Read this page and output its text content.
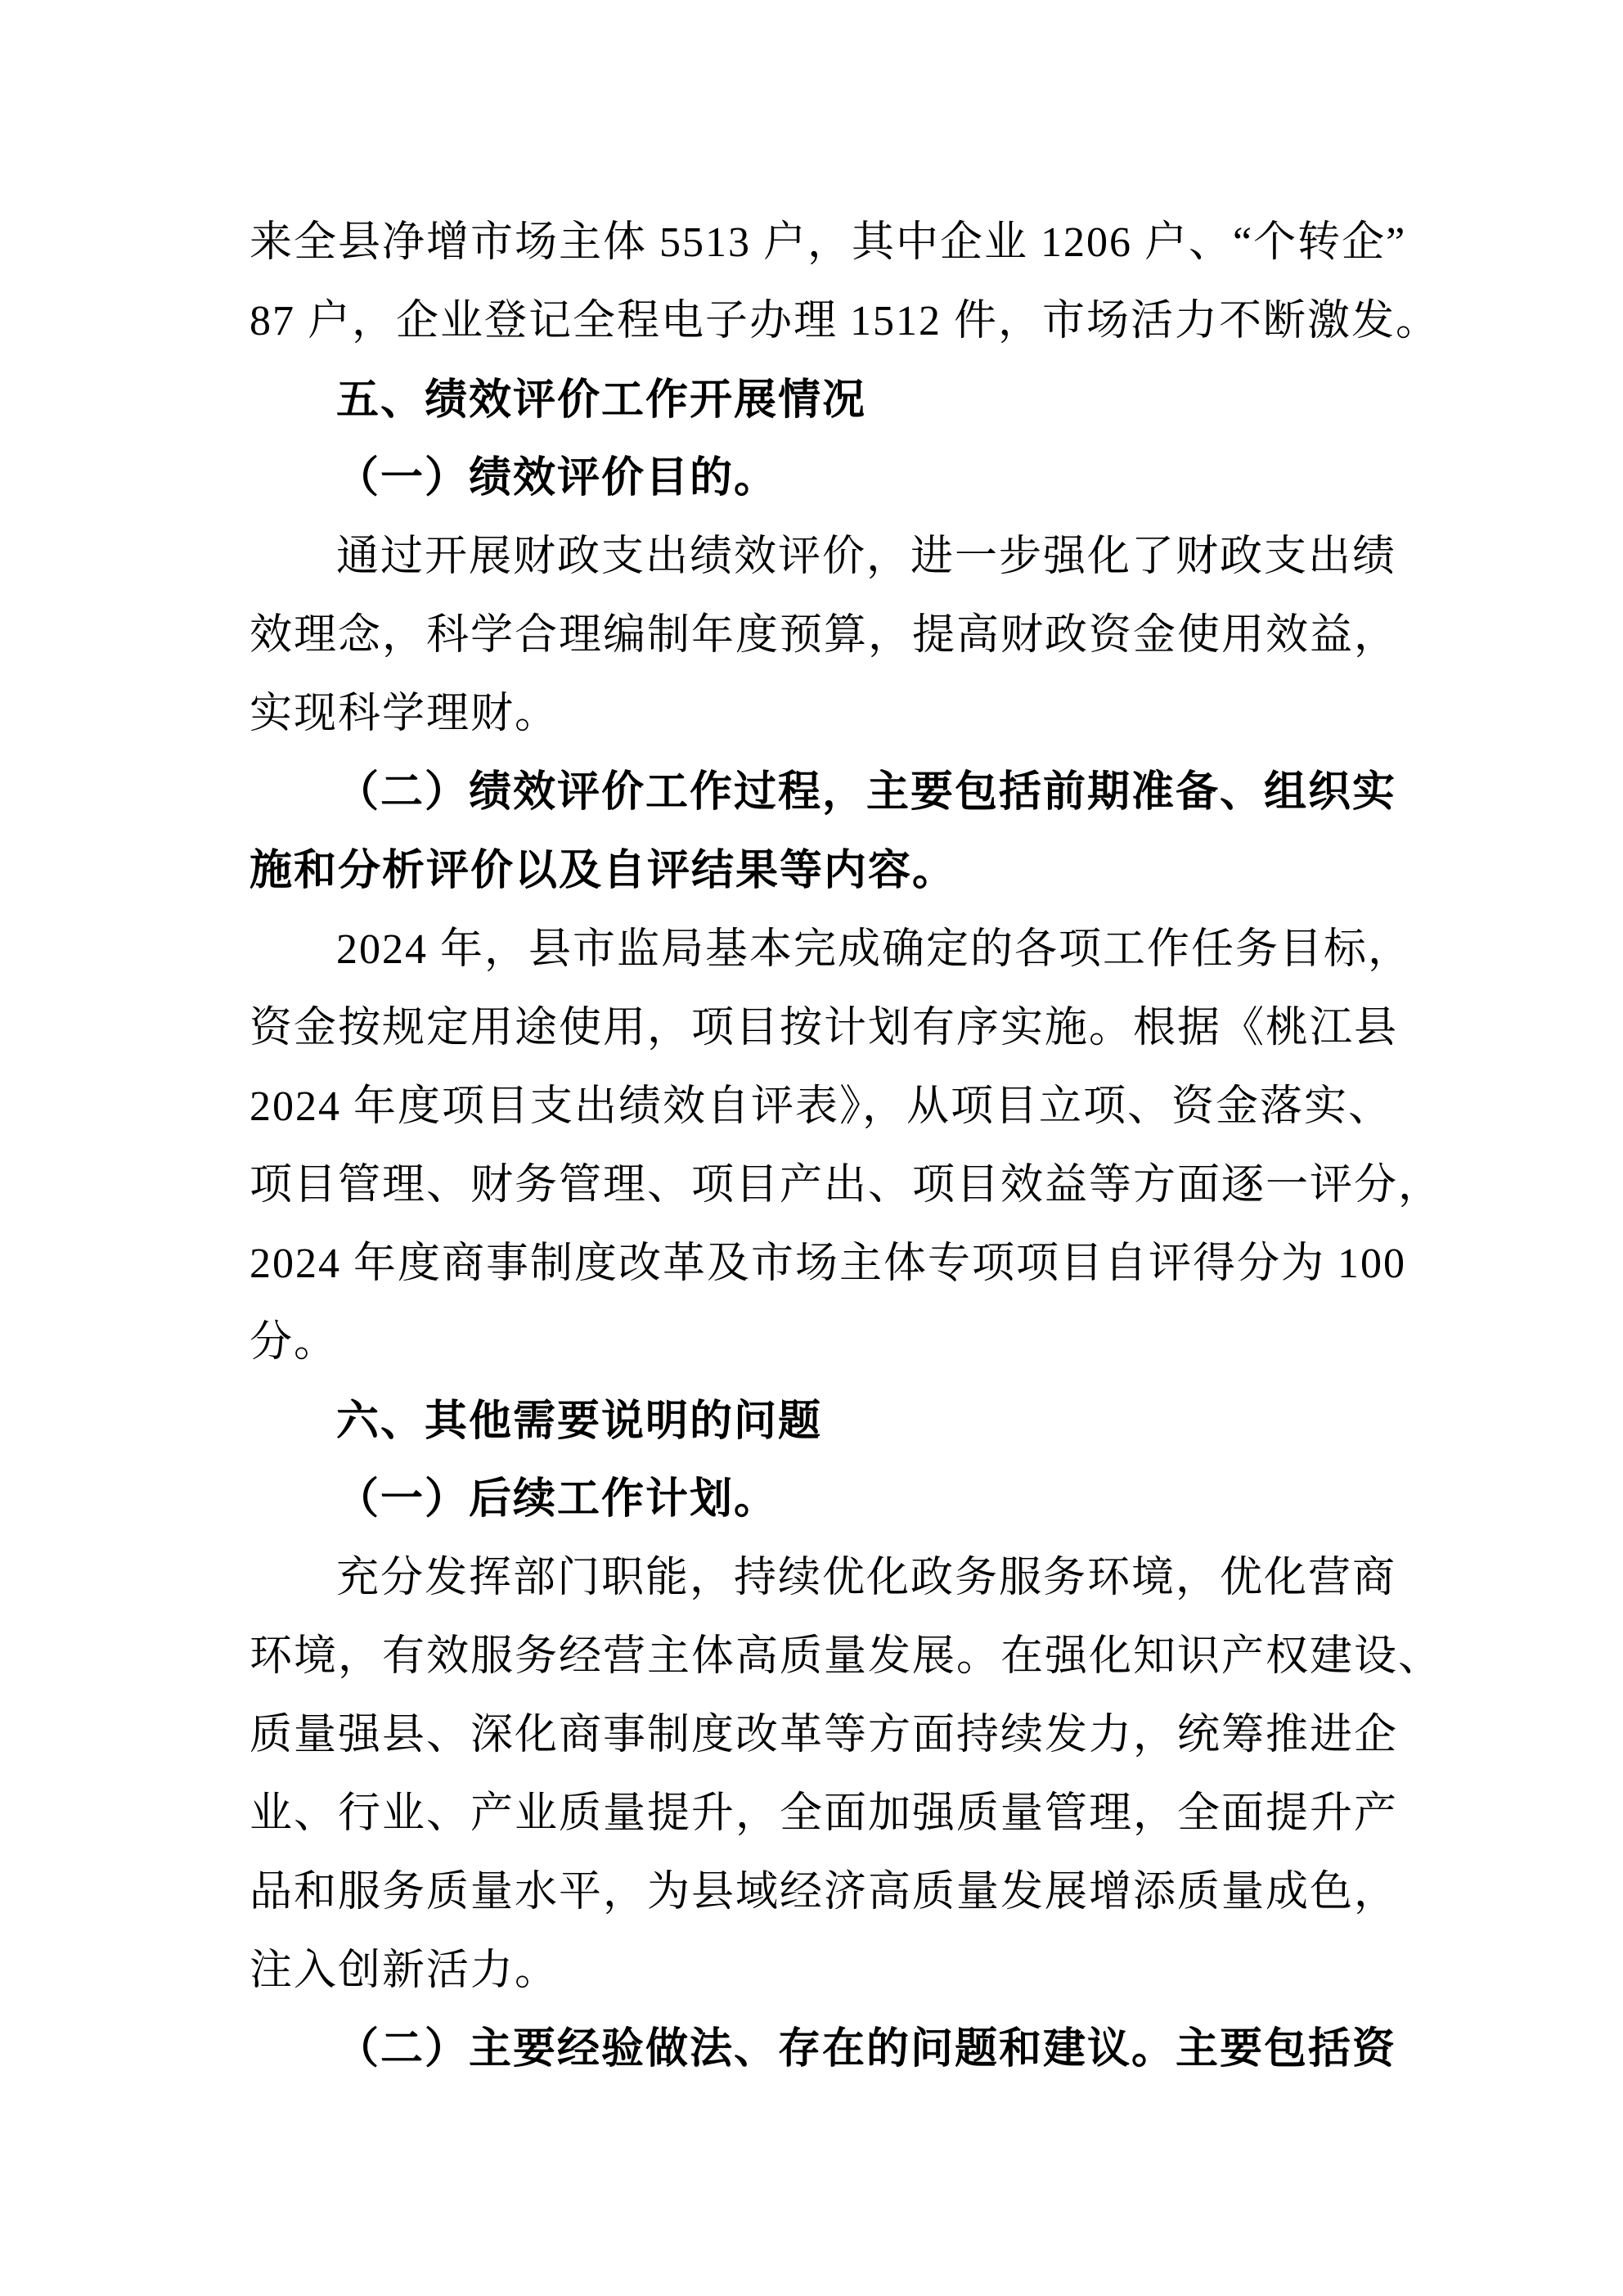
来全县净增市场主体 5513 户，其中企业 1206 户、“个转企”
87 户，企业登记全程电子办理 1512 件，市场活力不断激发。
五、绩效评价工作开展情况
（一）绩效评价目的。
通过开展财政支出绩效评价，进一步强化了财政支出绩
效理念，科学合理编制年度预算，提高财政资金使用效益，
实现科学理财。
（二）绩效评价工作过程，主要包括前期准备、组织实
施和分析评价以及自评结果等内容。
2024 年，县市监局基本完成确定的各项工作任务目标，
资金按规定用途使用，项目按计划有序实施。根据《桃江县
2024 年度项目支出绩效自评表》，从项目立项、资金落实、
项目管理、财务管理、项目产出、项目效益等方面逐一评分，
2024 年度商事制度改革及市场主体专项项目自评得分为 100
分。
六、其他需要说明的问题
（一）后续工作计划。
充分发挥部门职能，持续优化政务服务环境，优化营商
环境，有效服务经营主体高质量发展。在强化知识产权建设、
质量强县、深化商事制度改革等方面持续发力，统筹推进企
业、行业、产业质量提升，全面加强质量管理，全面提升产
品和服务质量水平，为县域经济高质量发展增添质量成色，
注入创新活力。
（二）主要经验做法、存在的问题和建议。主要包括资
